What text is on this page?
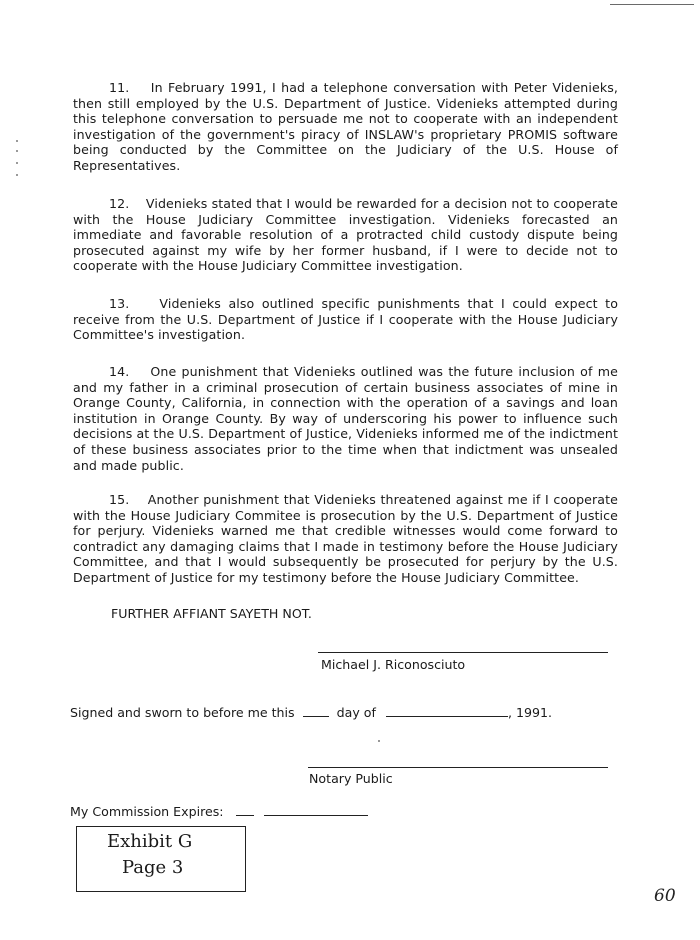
11. In February 1991, I had a telephone conversation with Peter Videnieks, then still employed by the U.S. Department of Justice. Videnieks attempted during this telephone conversation to persuade me not to cooperate with an independent investigation of the government's piracy of INSLAW's proprietary PROMIS software being conducted by the Committee on the Judiciary of the U.S. House of Representatives.

12. Videnieks stated that I would be rewarded for a decision not to cooperate with the House Judiciary Committee investigation. Videnieks forecasted an immediate and favorable resolution of a protracted child custody dispute being prosecuted against my wife by her former husband, if I were to decide not to cooperate with the House Judiciary Committee investigation.

13. Videnieks also outlined specific punishments that I could expect to receive from the U.S. Department of Justice if I cooperate with the House Judiciary Committee's investigation.

14. One punishment that Videnieks outlined was the future inclusion of me and my father in a criminal prosecution of certain business associates of mine in Orange County, California, in connection with the operation of a savings and loan institution in Orange County. By way of underscoring his power to influence such decisions at the U.S. Department of Justice, Videnieks informed me of the indictment of these business associates prior to the time when that indictment was unsealed and made public.

15. Another punishment that Videnieks threatened against me if I cooperate with the House Judiciary Commitee is prosecution by the U.S. Department of Justice for perjury. Videnieks warned me that credible witnesses would come forward to contradict any damaging claims that I made in testimony before the House Judiciary Committee, and that I would subsequently be prosecuted for perjury by the U.S. Department of Justice for my testimony before the House Judiciary Committee.

FURTHER AFFIANT SAYETH NOT.
Michael J. Riconosciuto
Signed and sworn to before me this	day of	, 1991.
Notary Public
My Commission Expires:
Exhibit G
Page 3
60
